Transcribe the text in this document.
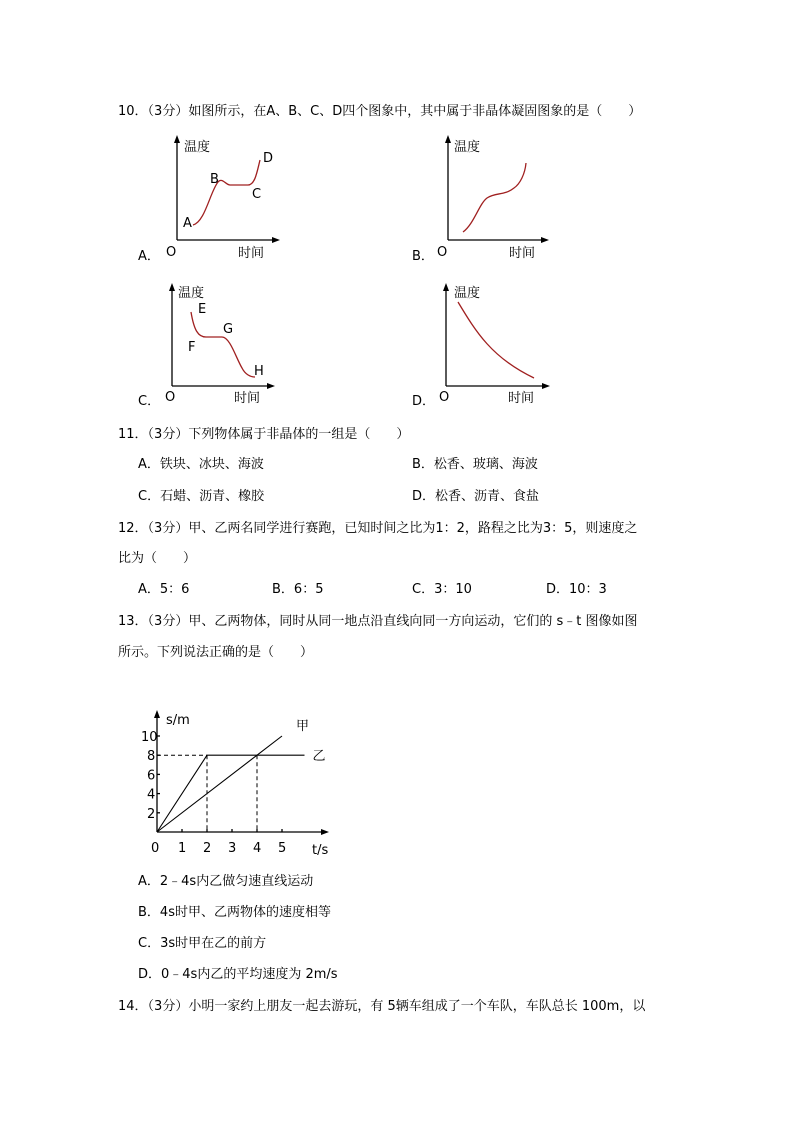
10．（3分）如图所示，在A、B、C、D四个图象中，其中属于非晶体凝固图象的是（　　）
A．
温度
时间
O
A
B
C
D
B．
温度
时间
O
C．
温度
时间
O
E
F
G
H
D．
温度
时间
O
11．（3分）下列物体属于非晶体的一组是（　　）
A．铁块、冰块、海波	B．松香、玻璃、海波
C．石蜡、沥青、橡胶	D．松香、沥青、食盐
12．（3分）甲、乙两名同学进行赛跑，已知时间之比为1：2，路程之比为3：5，则速度之
比为（　　）
A．5：6	B．6：5	C．3：10	D．10：3
13．（3分）甲、乙两物体，同时从同一地点沿直线向同一方向运动，它们的 s﹣t 图像如图
所示。下列说法正确的是（　　）
s/m
t/s
0 1 2 3 4 5
2
4
6
8
10
甲
乙
A．2﹣4s内乙做匀速直线运动
B．4s时甲、乙两物体的速度相等
C．3s时甲在乙的前方
D．0﹣4s内乙的平均速度为 2m/s
14．（3分）小明一家约上朋友一起去游玩，有 5辆车组成了一个车队，车队总长 100m，以
